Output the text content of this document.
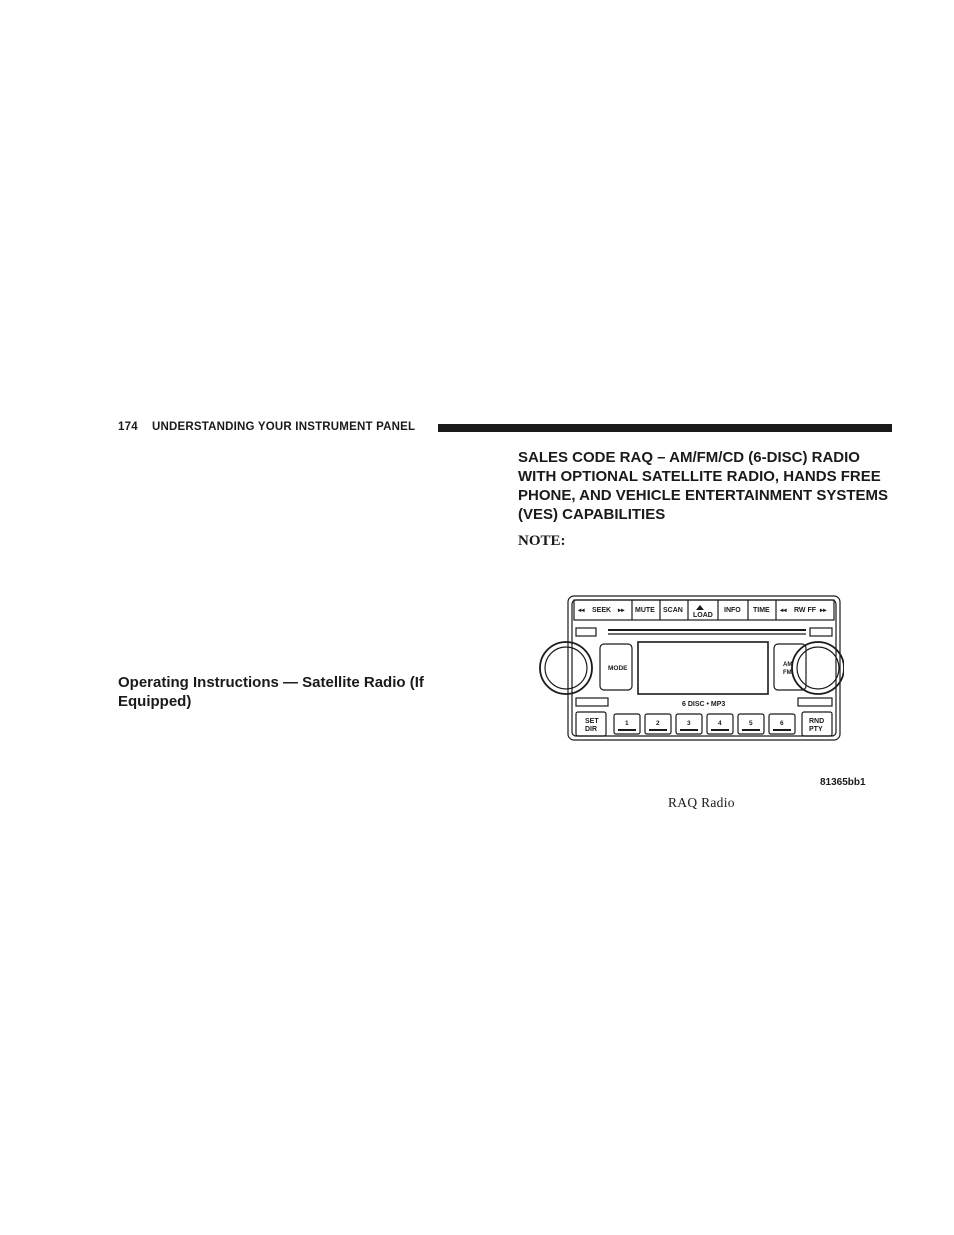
174 UNDERSTANDING YOUR INSTRUMENT PANEL
Operating Instructions — Satellite Radio (If Equipped)
SALES CODE RAQ – AM/FM/CD (6-DISC) RADIO WITH OPTIONAL SATELLITE RADIO, HANDS FREE PHONE, AND VEHICLE ENTERTAINMENT SYSTEMS (VES) CAPABILITIES
NOTE:
◂◂	▸▸	◂◂	▸▸
SEEK	MUTE SCAN
LOAD
INFO TIME	RW FF
MODE	AM
FM
6 DISC • MP3
SET
DIR
RND
PTY
1	2	3	4	5	6
81365bb1
RAQ Radio
